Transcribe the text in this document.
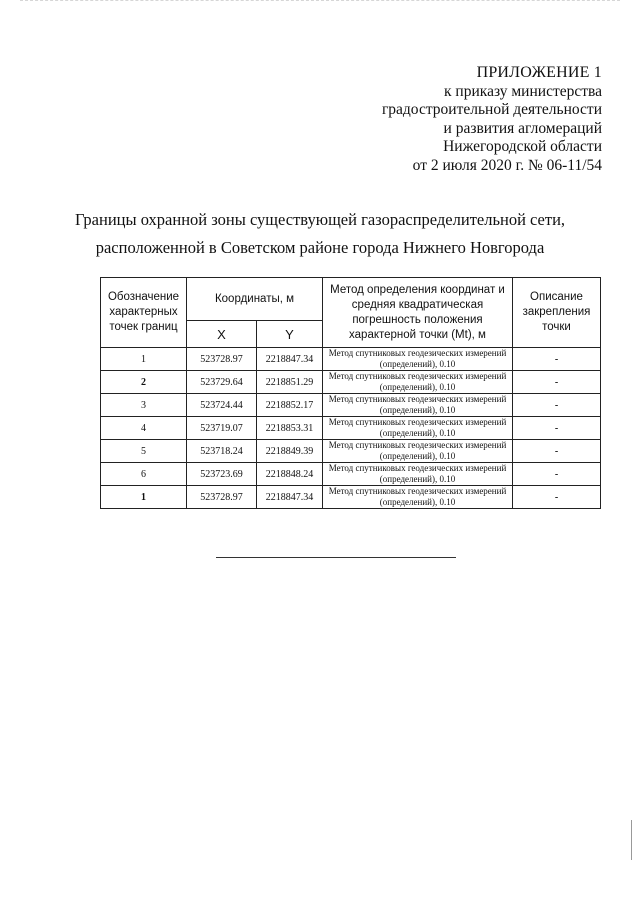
ПРИЛОЖЕНИЕ 1
к приказу министерства
градостроительной деятельности
и развития агломераций
Нижегородской области
от 2 июля 2020 г. № 06-11/54
Границы охранной зоны существующей газораспределительной сети,
расположенной в Советском районе города Нижнего Новгорода
Обозначение характерных точек границ	Координаты, м		Метод определения координат и средняя квадратическая погрешность положения характерной точки (Mt), м	Описание закрепления точки
	X	Y		
1	523728.97	2218847.34	Метод спутниковых геодезических измерений (определений), 0.10	-
2	523729.64	2218851.29	Метод спутниковых геодезических измерений (определений), 0.10	-
3	523724.44	2218852.17	Метод спутниковых геодезических измерений (определений), 0.10	-
4	523719.07	2218853.31	Метод спутниковых геодезических измерений (определений), 0.10	-
5	523718.24	2218849.39	Метод спутниковых геодезических измерений (определений), 0.10	-
6	523723.69	2218848.24	Метод спутниковых геодезических измерений (определений), 0.10	-
1	523728.97	2218847.34	Метод спутниковых геодезических измерений (определений), 0.10	-
